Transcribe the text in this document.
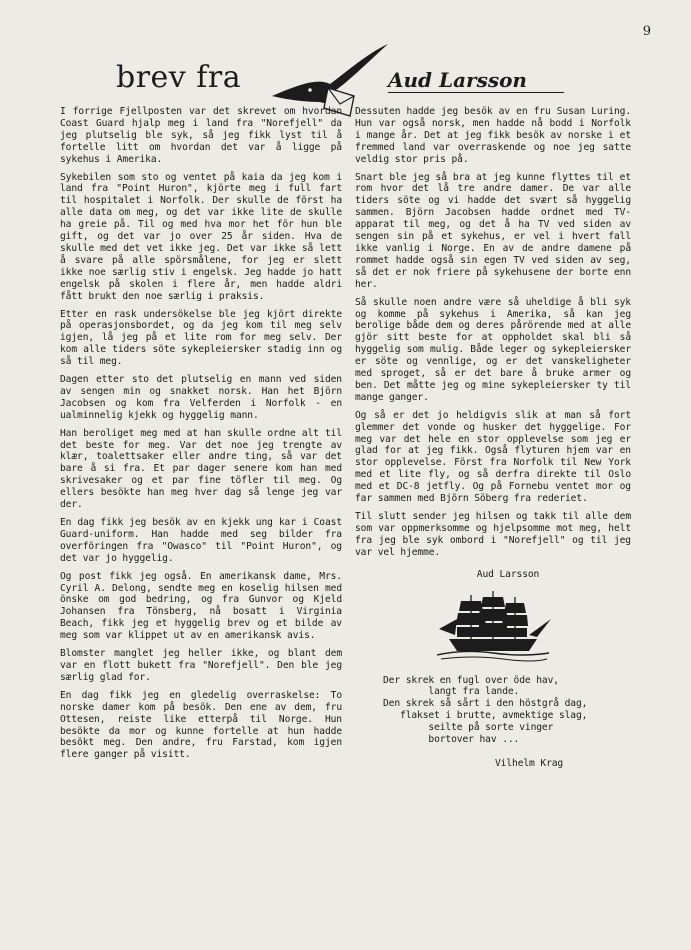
9
brev fra	Aud Larsson

I forrige Fjellposten var det skrevet om hvordan Coast Guard hjalp meg i land fra "Norefjell" da jeg plutselig ble syk, så jeg fikk lyst til å fortelle litt om hvordan det var å ligge på sykehus i Amerika.

Sykebilen som sto og ventet på kaia da jeg kom i land fra "Point Huron", kjörte meg i full fart til hospitalet i Norfolk. Der skulle de först ha alle data om meg, og det var ikke lite de skulle ha greie på. Til og med hva mor het för hun ble gift, og det var jo over 25 år siden. Hva de skulle med det vet ikke jeg. Det var ikke så lett å svare på alle spörsmålene, for jeg er slett ikke noe særlig stiv i engelsk. Jeg hadde jo hatt engelsk på skolen i flere år, men hadde aldri fått brukt den noe særlig i praksis.

Etter en rask undersökelse ble jeg kjört direkte på operasjonsbordet, og da jeg kom til meg selv igjen, lå jeg på et lite rom for meg selv. Der kom alle tiders söte sykepleiersker stadig inn og så til meg.

Dagen etter sto det plutselig en mann ved siden av sengen min og snakket norsk. Han het Björn Jacobsen og kom fra Velferden i Norfolk - en ualminnelig kjekk og hyggelig mann.

Han beroliget meg med at han skulle ordne alt til det beste for meg. Var det noe jeg trengte av klær, toalettsaker eller andre ting, så var det bare å si fra. Et par dager senere kom han med skrivesaker og et par fine töfler til meg. Og ellers besökte han meg hver dag så lenge jeg var der.

En dag fikk jeg besök av en kjekk ung kar i Coast Guard-uniform. Han hadde med seg bilder fra overföringen fra "Owasco" til "Point Huron", og det var jo hyggelig.

Og post fikk jeg også. En amerikansk dame, Mrs. Cyril A. Delong, sendte meg en koselig hilsen med önske om god bedring, og fra Gunvor og Kjeld Johansen fra Tönsberg, nå bosatt i Virginia Beach, fikk jeg et hyggelig brev og et bilde av meg som var klippet ut av en amerikansk avis.

Blomster manglet jeg heller ikke, og blant dem var en flott bukett fra "Norefjell". Den ble jeg særlig glad for.

En dag fikk jeg en gledelig overraskelse: To norske damer kom på besök. Den ene av dem, fru Ottesen, reiste like etterpå til Norge. Hun besökte da mor og kunne fortelle at hun hadde besökt meg. Den andre, fru Farstad, kom igjen flere ganger på visitt.

Dessuten hadde jeg besök av en fru Susan Luring. Hun var også norsk, men hadde nå bodd i Norfolk i mange år. Det at jeg fikk besök av norske i et fremmed land var overraskende og noe jeg satte veldig stor pris på.

Snart ble jeg så bra at jeg kunne flyttes til et rom hvor det lå tre andre damer. De var alle tiders söte og vi hadde det svært så hyggelig sammen. Björn Jacobsen hadde ordnet med TV-apparat til meg, og det å ha TV ved siden av sengen sin på et sykehus, er vel i hvert fall ikke vanlig i Norge. En av de andre damene på rommet hadde også sin egen TV ved siden av seg, så det er nok friere på sykehusene der borte enn her.

Så skulle noen andre være så uheldige å bli syk og komme på sykehus i Amerika, så kan jeg berolige både dem og deres pårörende med at alle gjör sitt beste for at oppholdet skal bli så hyggelig som mulig. Både leger og sykepleiersker er söte og vennlige, og er det vanskeligheter med sproget, så er det bare å bruke armer og ben. Det måtte jeg og mine sykepleiersker ty til mange ganger.

Og så er det jo heldigvis slik at man så fort glemmer det vonde og husker det hyggelige. For meg var det hele en stor opplevelse som jeg er glad for at jeg fikk. Også flyturen hjem var en stor opplevelse. Först fra Norfolk til New York med et lite fly, og så derfra direkte til Oslo med et DC-8 jetfly. Og på Fornebu ventet mor og far sammen med Björn Söberg fra rederiet.

Til slutt sender jeg hilsen og takk til alle dem som var oppmerksomme og hjelpsomme mot meg, helt fra jeg ble syk ombord i "Norefjell" og til jeg var vel hjemme.

Aud Larsson
Der skrek en fugl over öde hav,
langt fra lande.
Den skrek så sårt i den höstgrå dag,
flakset i brutte, avmektige slag,
seilte på sorte vinger
bortover hav ...
Vilhelm Krag
